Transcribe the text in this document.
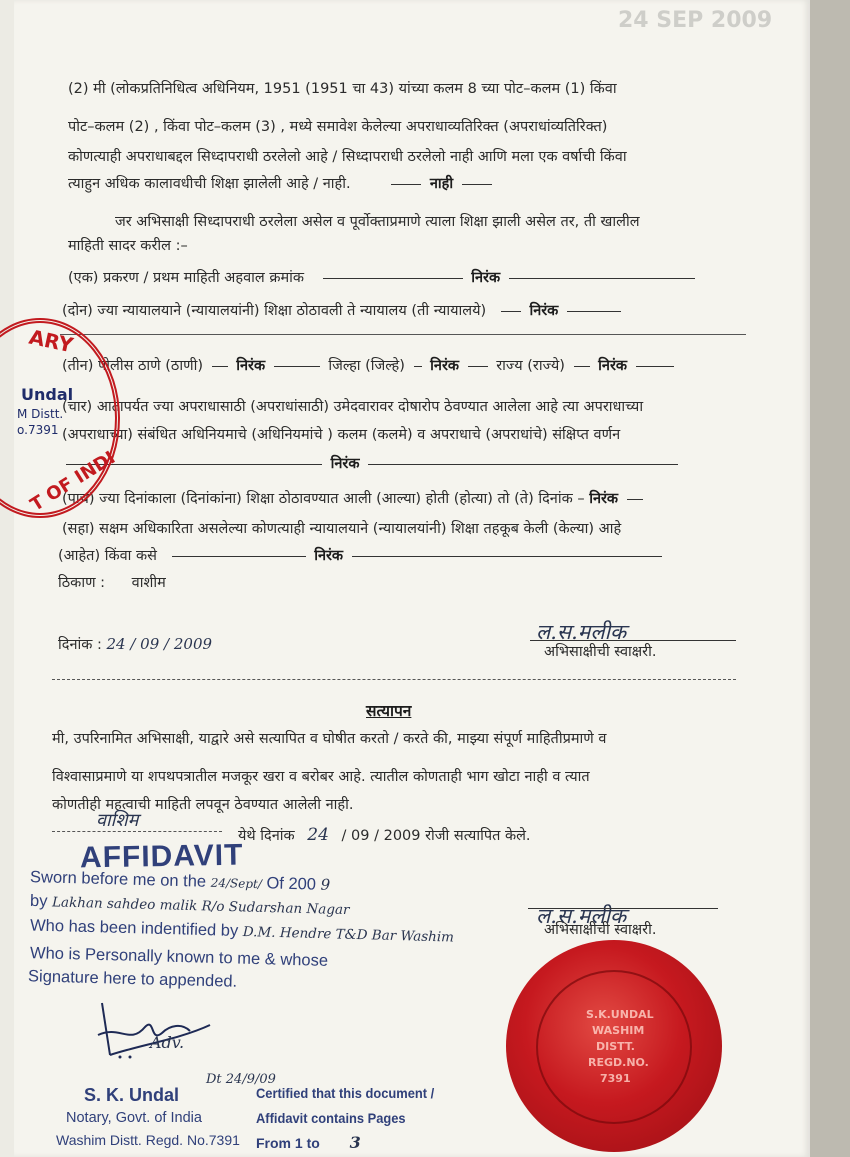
24 SEP 2009
(2) मी (लोकप्रतिनिधित्व अधिनियम, 1951 (1951 चा 43) यांच्या कलम 8 च्या पोट–कलम (1) किंवा
पोट–कलम (2) , किंवा पोट–कलम (3) , मध्ये समावेश केलेल्या अपराधाव्यतिरिक्त (अपराधांव्यतिरिक्त)
कोणत्याही अपराधाबद्दल सिध्दापराधी ठरलेलो आहे / सिध्दापराधी ठरलेलो नाही आणि मला एक वर्षाची किंवा
त्याहुन अधिक कालावधीची शिक्षा झालेली आहे / नाही.	नाही
जर अभिसाक्षी सिध्दापराधी ठरलेला असेल व पूर्वोक्ताप्रमाणे त्याला शिक्षा झाली असेल तर, ती खालील
माहिती सादर करील :–
(एक) प्रकरण / प्रथम माहिती अहवाल क्रमांक	निरंक
(दोन) ज्या न्यायालयाने (न्यायालयांनी) शिक्षा ठोठावली ते न्यायालय (ती न्यायालये)	निरंक
(तीन) पोलीस ठाणे (ठाणी) निरंक	जिल्हा (जिल्हे) निरंक	राज्य (राज्ये) निरंक
(चार) आतापर्यत ज्या अपराधासाठी (अपराधांसाठी) उमेदवारावर दोषारोप ठेवण्यात आलेला आहे त्या अपराधाच्या
(अपराधाच्या) संबंधित अधिनियमाचे (अधिनियमांचे ) कलम (कलमे) व अपराधाचे (अपराधांचे) संक्षिप्त वर्णन
निरंक
(पाच) ज्या दिनांकाला (दिनांकांना) शिक्षा ठोठावण्यात आली (आल्या) होती (होत्या) तो (ते) दिनांक – निरंक
(सहा) सक्षम अधिकारिता असलेल्या कोणत्याही न्यायालयाने (न्यायालयांनी) शिक्षा तहकूब केली (केल्या) आहे
(आहेत) किंवा कसे	निरंक
ठिकाण : वाशीम
दिनांक : 24 / 09 / 2009	ल.स.मलीक
अभिसाक्षीची स्वाक्षरी.
सत्यापन
मी, उपरिनामित अभिसाक्षी, याद्वारे असे सत्यापित व घोषीत करतो / करते की, माझ्या संपूर्ण माहितीप्रमाणे व
विश्वासाप्रमाणे या शपथपत्रातील मजकूर खरा व बरोबर आहे. त्यातील कोणताही भाग खोटा नाही व त्यात
कोणतीही महत्वाची माहिती लपवून ठेवण्यात आलेली नाही.
वाशिम
येथे दिनांक 24 / 09 / 2009 रोजी सत्यापित केले.
AFFIDAVIT
Sworn before me on the 24/Sept/ Of 200 9
by Lakhan sahdeo malik R/o Sudarshan Nagar
Who has been indentified by D.M. Hendre T&D Bar Washim
Who is Personally known to me & whose
Signature here to appended.
ल.स.मलीक
अभिसाक्षीची स्वाक्षरी.
Adv.
S. K. Undal
Notary, Govt. of India
Washim Distt. Regd. No.7391
Dt 24/9/09
Certified that this document /
Affidavit contains Pages
From 1 to 3
ARY
Undal
M Distt.
o.7391
T OF INDI
S.K.UNDAL
WASHIM
DISTT.
REGD.NO.
7391
